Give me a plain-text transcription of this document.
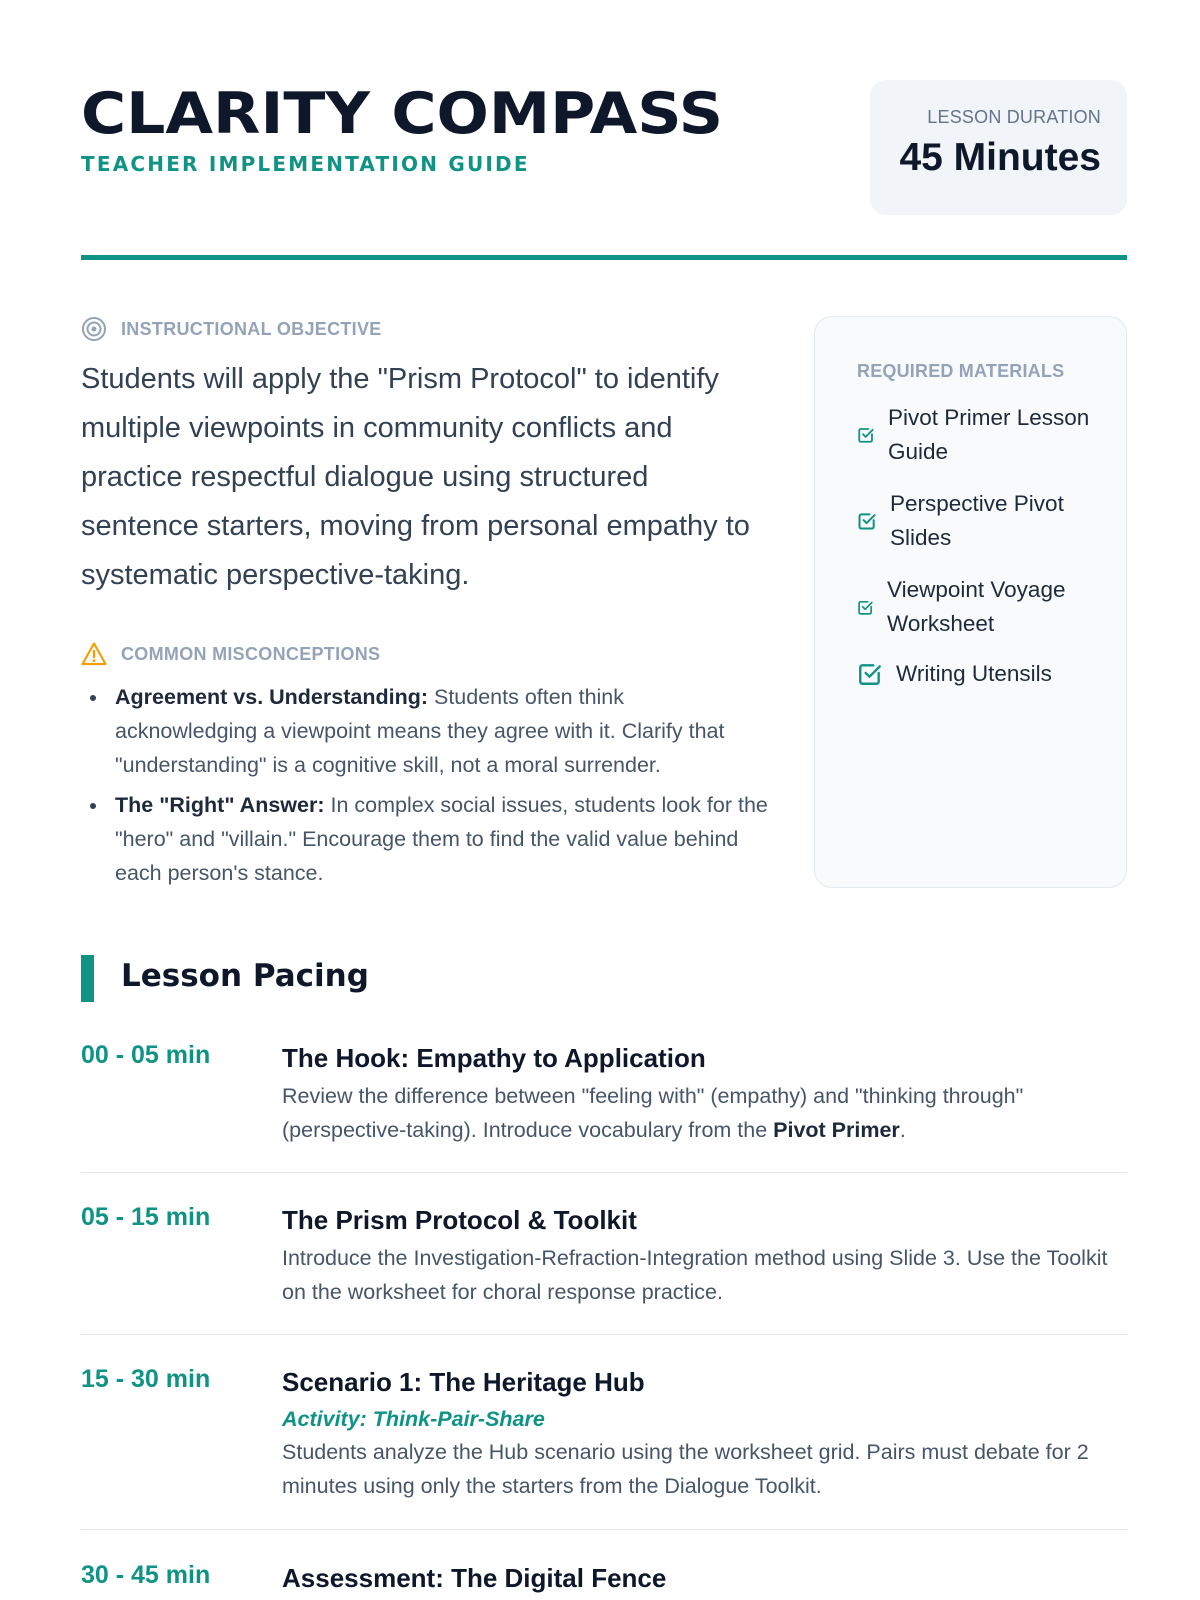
CLARITY COMPASS
TEACHER IMPLEMENTATION GUIDE
LESSON DURATION
45 Minutes
INSTRUCTIONAL OBJECTIVE
Students will apply the "Prism Protocol" to identify multiple viewpoints in community conflicts and practice respectful dialogue using structured sentence starters, moving from personal empathy to systematic perspective-taking.
COMMON MISCONCEPTIONS
Agreement vs. Understanding: Students often think acknowledging a viewpoint means they agree with it. Clarify that "understanding" is a cognitive skill, not a moral surrender.
The "Right" Answer: In complex social issues, students look for the "hero" and "villain." Encourage them to find the valid value behind each person's stance.
REQUIRED MATERIALS
Pivot Primer Lesson Guide
Perspective Pivot Slides
Viewpoint Voyage Worksheet
Writing Utensils
Lesson Pacing
00 - 05 min	The Hook: Empathy to Application
Review the difference between "feeling with" (empathy) and "thinking through" (perspective-taking). Introduce vocabulary from the Pivot Primer.
05 - 15 min	The Prism Protocol & Toolkit
Introduce the Investigation-Refraction-Integration method using Slide 3. Use the Toolkit on the worksheet for choral response practice.
15 - 30 min	Scenario 1: The Heritage Hub
Activity: Think-Pair-Share
Students analyze the Hub scenario using the worksheet grid. Pairs must debate for 2 minutes using only the starters from the Dialogue Toolkit.
30 - 45 min	Assessment: The Digital Fence
